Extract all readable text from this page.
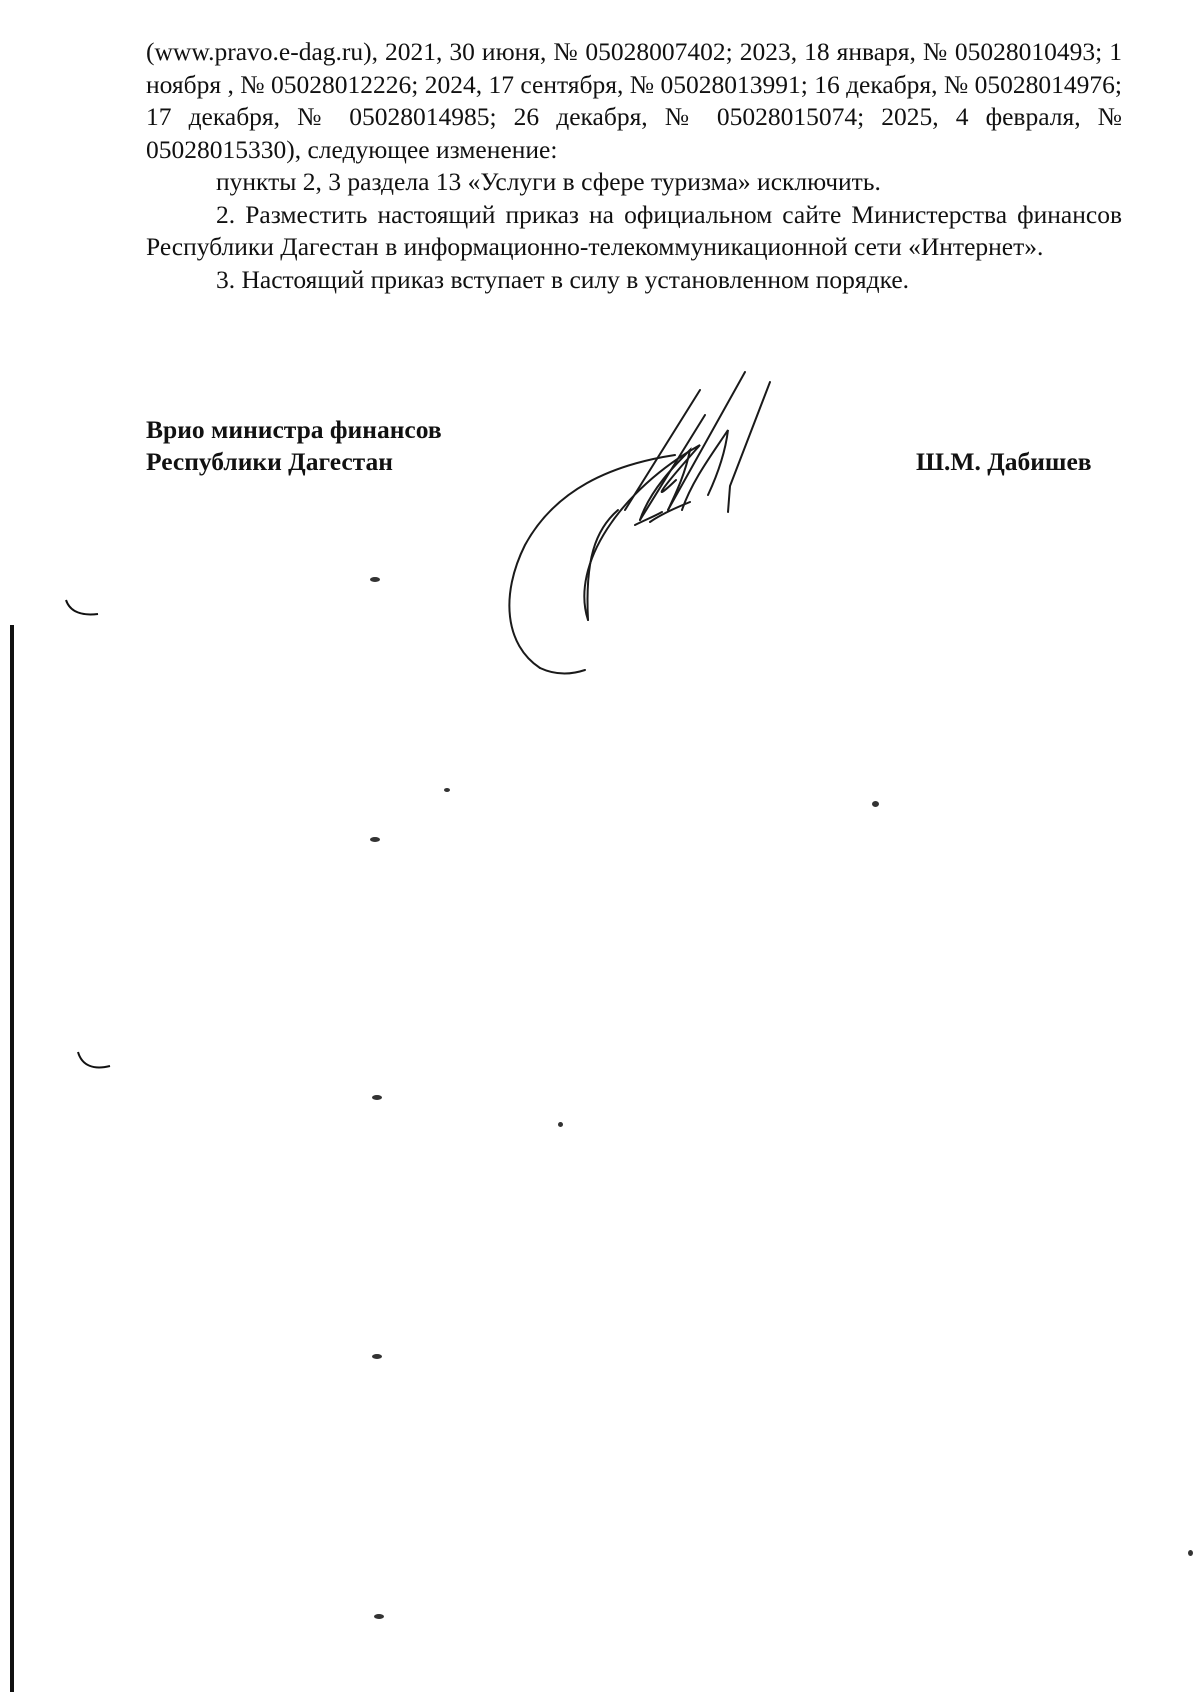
(www.pravo.e-dag.ru), 2021, 30 июня, № 05028007402; 2023, 18 января, № 05028010493; 1 ноября , № 05028012226; 2024, 17 сентября, № 05028013991; 16 декабря, № 05028014976; 17 декабря, № 05028014985; 26 декабря, № 05028015074; 2025, 4 февраля, № 05028015330), следующее изменение:

пункты 2, 3 раздела 13 «Услуги в сфере туризма» исключить.

2. Разместить настоящий приказ на официальном сайте Министерства финансов Республики Дагестан в информационно-телекоммуникационной сети «Интернет».

3. Настоящий приказ вступает в силу в установленном порядке.

Врио министра финансов
Республики Дагестан	Ш.М. Дабишев
